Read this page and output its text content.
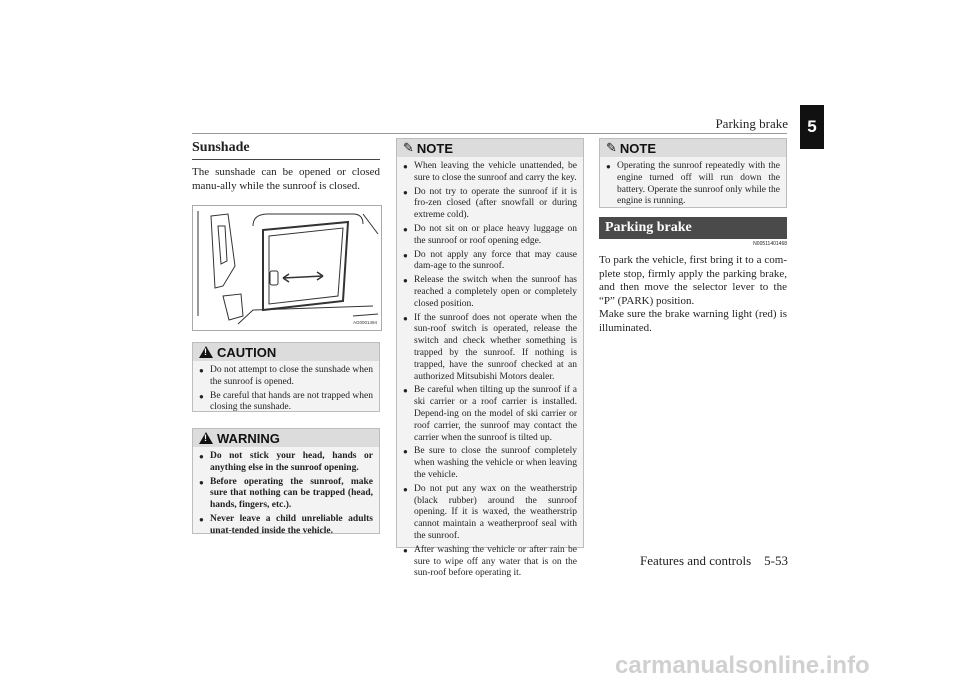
Parking brake	5
Sunshade
The sunshade can be opened or closed manu-ally while the sunroof is closed.
AG0001494
!
CAUTION
● Do not attempt to close the sunshade when the sunroof is opened.
● Be careful that hands are not trapped when closing the sunshade.
!
WARNING
● Do not stick your head, hands or anything else in the sunroof opening.
● Before operating the sunroof, make sure that nothing can be trapped (head, hands, fingers, etc.).
● Never leave a child unreliable adults unat-tended inside the vehicle.
✎ NOTE
● When leaving the vehicle unattended, be sure to close the sunroof and carry the key.
● Do not try to operate the sunroof if it is fro-zen closed (after snowfall or during extreme cold).
● Do not sit on or place heavy luggage on the sunroof or roof opening edge.
● Do not apply any force that may cause dam-age to the sunroof.
● Release the switch when the sunroof has reached a completely open or completely closed position.
● If the sunroof does not operate when the sun-roof switch is operated, release the switch and check whether something is trapped by the sunroof. If nothing is trapped, have the sunroof checked at an authorized Mitsubishi Motors dealer.
● Be careful when tilting up the sunroof if a ski carrier or a roof carrier is installed. Depend-ing on the model of ski carrier or roof carrier, the sunroof may contact the carrier when the sunroof is tilted up.
● Be sure to close the sunroof completely when washing the vehicle or when leaving the vehicle.
● Do not put any wax on the weatherstrip (black rubber) around the sunroof opening. If it is waxed, the weatherstrip cannot maintain a weatherproof seal with the sunroof.
● After washing the vehicle or after rain be sure to wipe off any water that is on the sun-roof before operating it.
✎ NOTE
● Operating the sunroof repeatedly with the engine turned off will run down the battery. Operate the sunroof only while the engine is running.
Parking brake
N00511401468
To park the vehicle, first bring it to a com-plete stop, firmly apply the parking brake, and then move the selector lever to the “P” (PARK) position.
Make sure the brake warning light (red) is illuminated.
Features and controls    5-53
carmanualsonline.info
